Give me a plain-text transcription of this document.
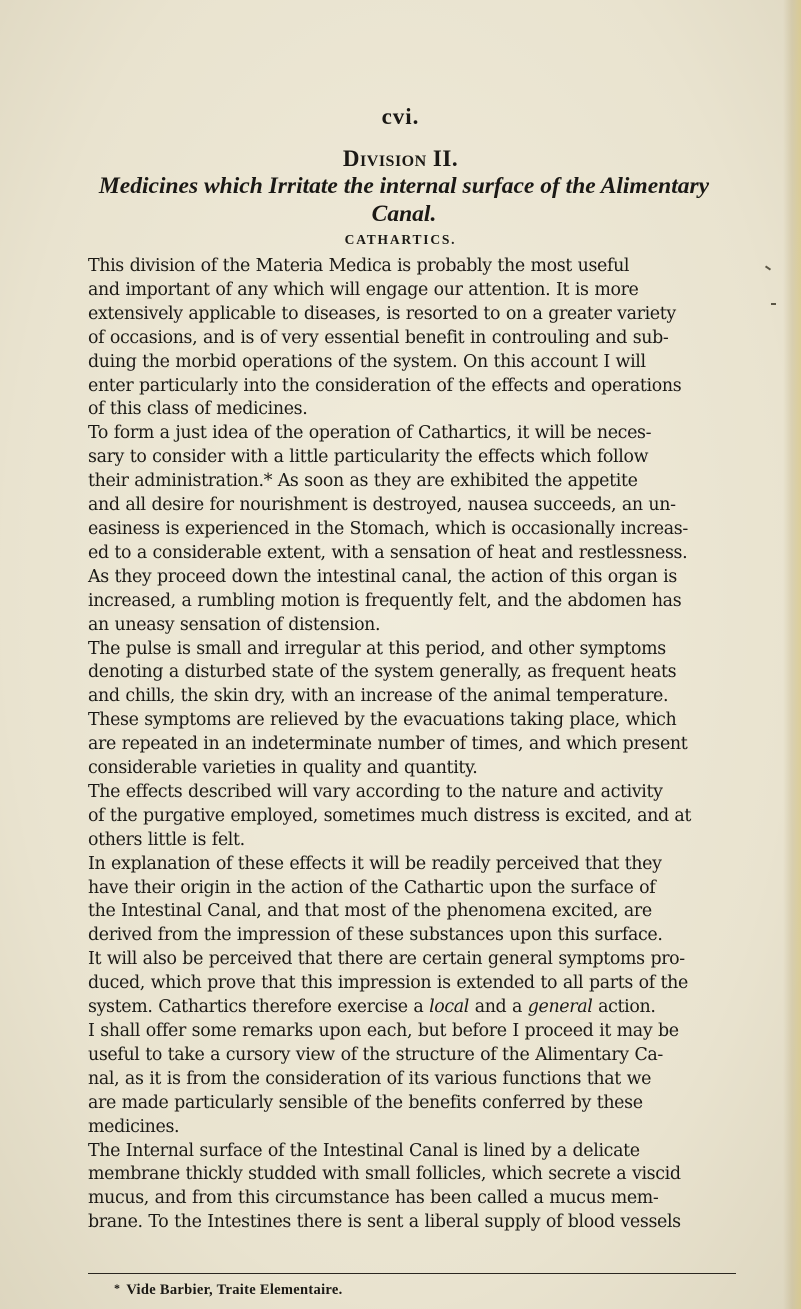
cvi.
Division II.
Medicines which Irritate the internal surface of the Alimentary Canal.
CATHARTICS.
This division of the Materia Medica is probably the most useful
and important of any which will engage our attention. It is more
extensively applicable to diseases, is resorted to on a greater variety
of occasions, and is of very essential benefit in controuling and sub-
duing the morbid operations of the system. On this account I will
enter particularly into the consideration of the effects and operations
of this class of medicines.
To form a just idea of the operation of Cathartics, it will be neces-
sary to consider with a little particularity the effects which follow
their administration.* As soon as they are exhibited the appetite
and all desire for nourishment is destroyed, nausea succeeds, an un-
easiness is experienced in the Stomach, which is occasionally increas-
ed to a considerable extent, with a sensation of heat and restlessness.
As they proceed down the intestinal canal, the action of this organ is
increased, a rumbling motion is frequently felt, and the abdomen has
an uneasy sensation of distension.
The pulse is small and irregular at this period, and other symptoms
denoting a disturbed state of the system generally, as frequent heats
and chills, the skin dry, with an increase of the animal temperature.
These symptoms are relieved by the evacuations taking place, which
are repeated in an indeterminate number of times, and which present
considerable varieties in quality and quantity.
The effects described will vary according to the nature and activity
of the purgative employed, sometimes much distress is excited, and at
others little is felt.
In explanation of these effects it will be readily perceived that they
have their origin in the action of the Cathartic upon the surface of
the Intestinal Canal, and that most of the phenomena excited, are
derived from the impression of these substances upon this surface.
It will also be perceived that there are certain general symptoms pro-
duced, which prove that this impression is extended to all parts of the
system. Cathartics therefore exercise a local and a general action.
I shall offer some remarks upon each, but before I proceed it may be
useful to take a cursory view of the structure of the Alimentary Ca-
nal, as it is from the consideration of its various functions that we
are made particularly sensible of the benefits conferred by these
medicines.
The Internal surface of the Intestinal Canal is lined by a delicate
membrane thickly studded with small follicles, which secrete a viscid
mucus, and from this circumstance has been called a mucus mem-
brane. To the Intestines there is sent a liberal supply of blood vessels
* Vide Barbier, Traite Elementaire.
